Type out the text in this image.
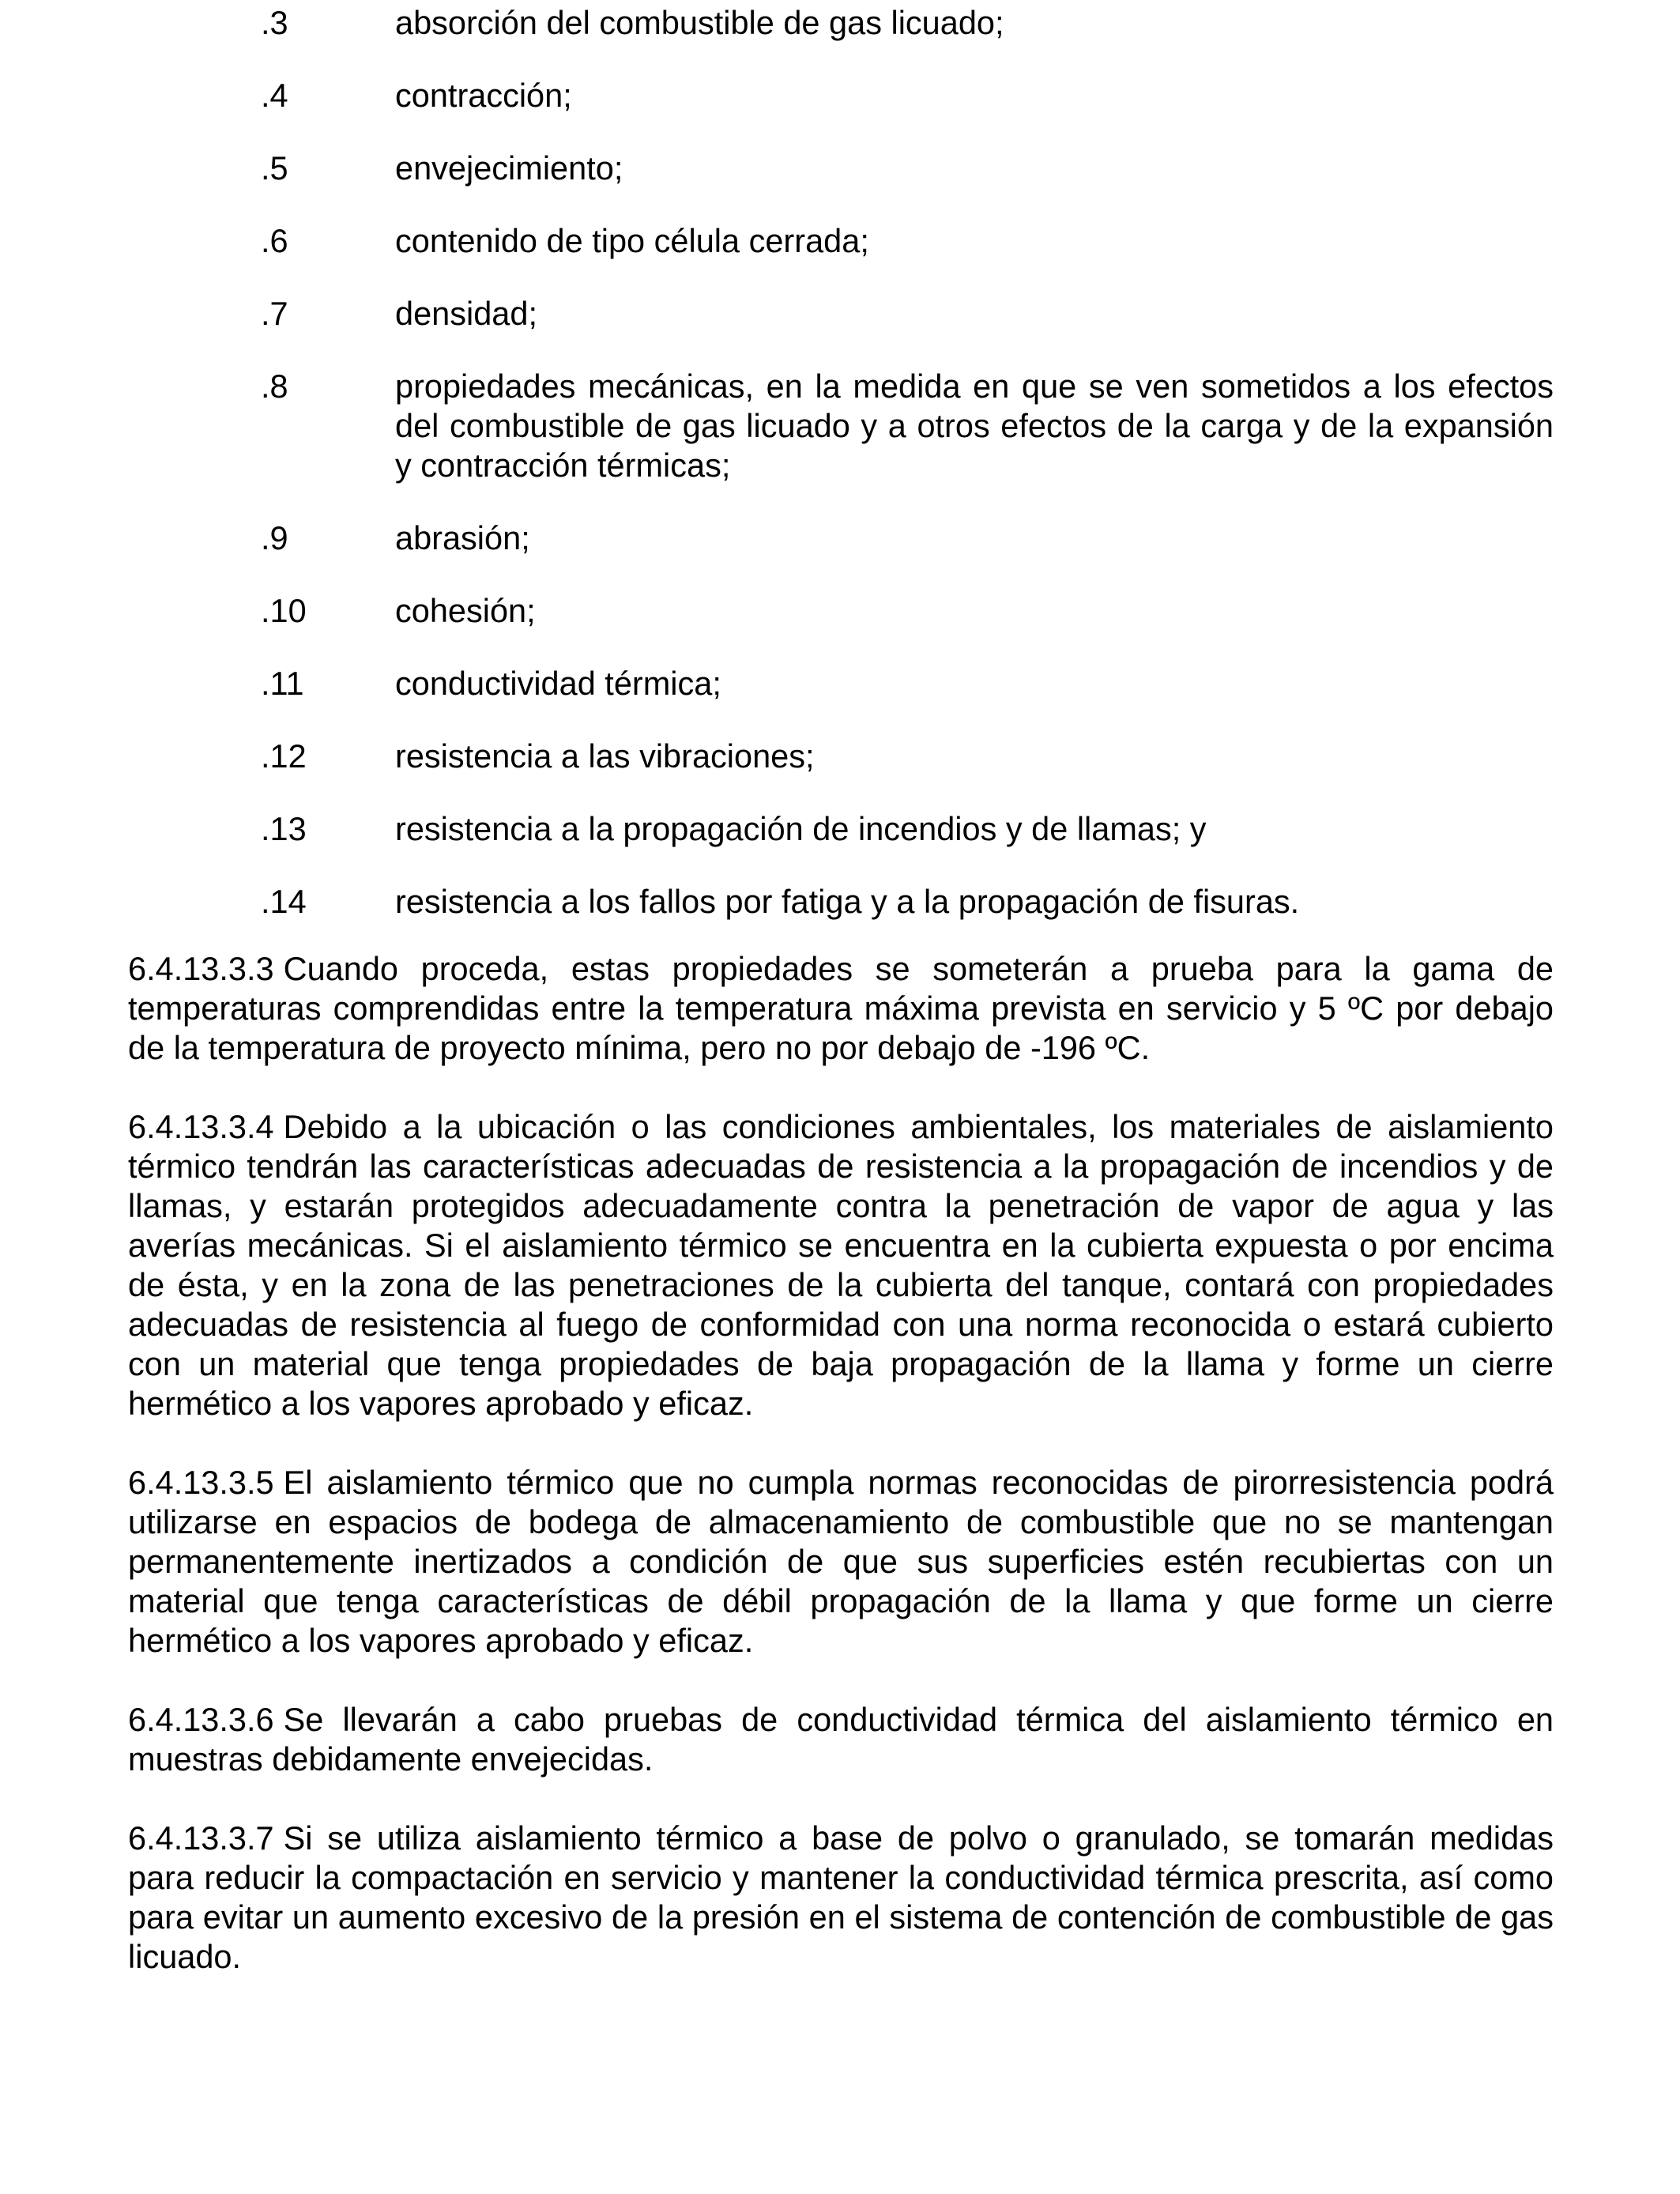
.3	absorción del combustible de gas licuado;
.4	contracción;
.5	envejecimiento;
.6	contenido de tipo célula cerrada;
.7	densidad;
.8	propiedades mecánicas, en la medida en que se ven sometidos a los efectos del combustible de gas licuado y a otros efectos de la carga y de la expansión y contracción térmicas;
.9	abrasión;
.10	cohesión;
.11	conductividad térmica;
.12	resistencia a las vibraciones;
.13	resistencia a la propagación de incendios y de llamas; y
.14	resistencia a los fallos por fatiga y a la propagación de fisuras.

6.4.13.3.3 Cuando proceda, estas propiedades se someterán a prueba para la gama de temperaturas comprendidas entre la temperatura máxima prevista en servicio y 5 ºC por debajo de la temperatura de proyecto mínima, pero no por debajo de -196 ºC.

6.4.13.3.4 Debido a la ubicación o las condiciones ambientales, los materiales de aislamiento térmico tendrán las características adecuadas de resistencia a la propagación de incendios y de llamas, y estarán protegidos adecuadamente contra la penetración de vapor de agua y las averías mecánicas. Si el aislamiento térmico se encuentra en la cubierta expuesta o por encima de ésta, y en la zona de las penetraciones de la cubierta del tanque, contará con propiedades adecuadas de resistencia al fuego de conformidad con una norma reconocida o estará cubierto con un material que tenga propiedades de baja propagación de la llama y forme un cierre hermético a los vapores aprobado y eficaz.

6.4.13.3.5 El aislamiento térmico que no cumpla normas reconocidas de pirorresistencia podrá utilizarse en espacios de bodega de almacenamiento de combustible que no se mantengan permanentemente inertizados a condición de que sus superficies estén recubiertas con un material que tenga características de débil propagación de la llama y que forme un cierre hermético a los vapores aprobado y eficaz.

6.4.13.3.6 Se llevarán a cabo pruebas de conductividad térmica del aislamiento térmico en muestras debidamente envejecidas.

6.4.13.3.7 Si se utiliza aislamiento térmico a base de polvo o granulado, se tomarán medidas para reducir la compactación en servicio y mantener la conductividad térmica prescrita, así como para evitar un aumento excesivo de la presión en el sistema de contención de combustible de gas licuado.
